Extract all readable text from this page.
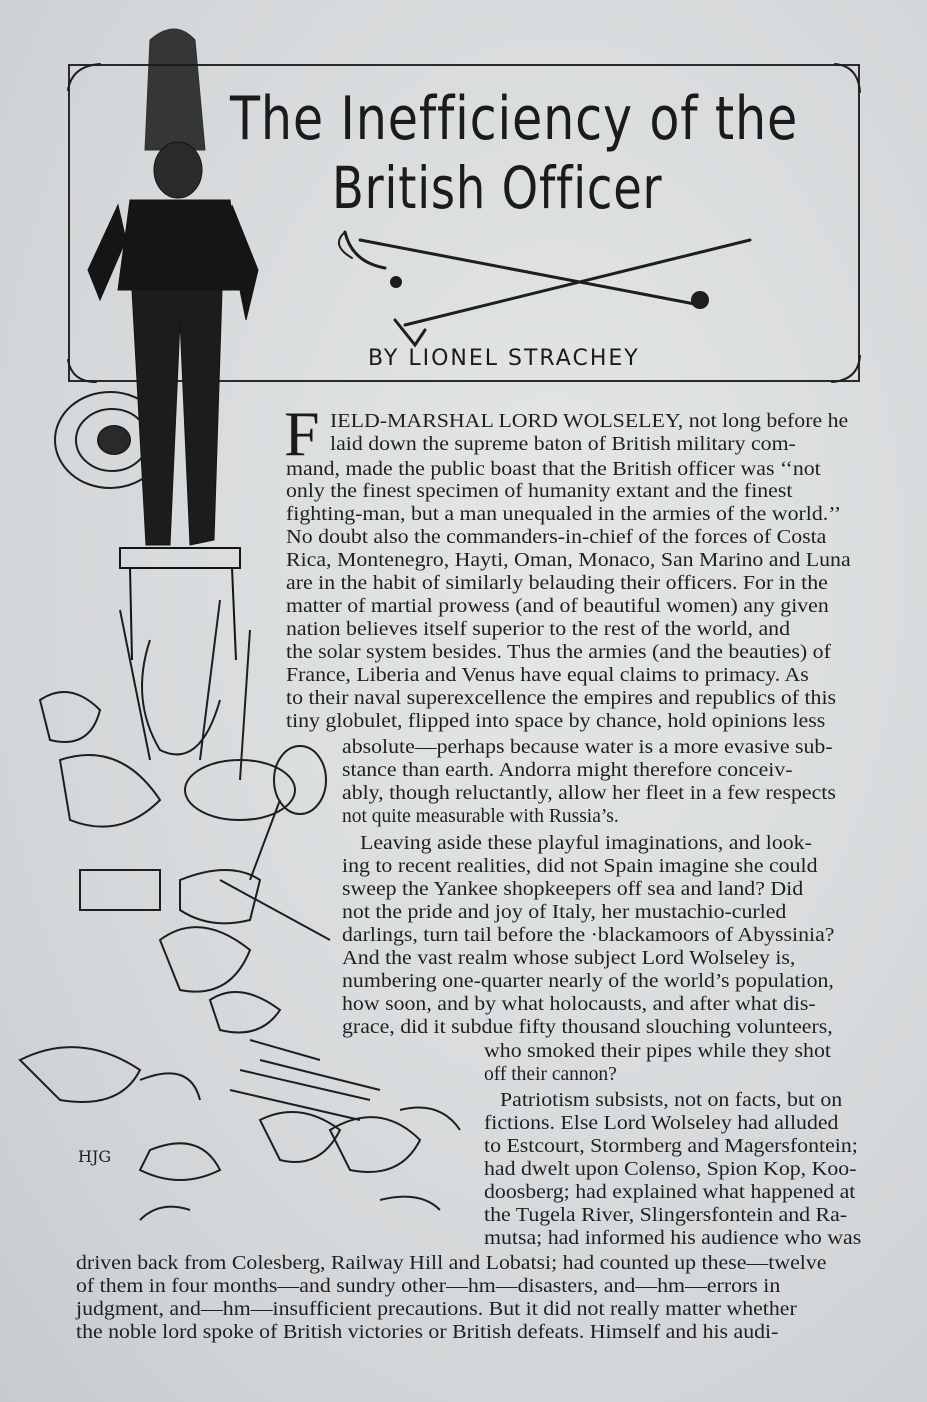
The Inefficiency of the
British Officer
BY LIONEL STRACHEY
HJG
F IELD-MARSHAL LORD WOLSELEY, not long before he
laid down the supreme baton of British military com-
mand, made the public boast that the British officer was ‘‘not
only the finest specimen of humanity extant and the finest
fighting-man, but a man unequaled in the armies of the world.’’
No doubt also the commanders-in-chief of the forces of Costa
Rica, Montenegro, Hayti, Oman, Monaco, San Marino and Luna
are in the habit of similarly belauding their officers. For in the
matter of martial prowess (and of beautiful women) any given
nation believes itself superior to the rest of the world, and
the solar system besides. Thus the armies (and the beauties) of
France, Liberia and Venus have equal claims to primacy. As
to their naval superexcellence the empires and republics of this
tiny globulet, flipped into space by chance, hold opinions less
absolute—perhaps because water is a more evasive sub-
stance than earth. Andorra might therefore conceiv-
ably, though reluctantly, allow her fleet in a few respects
not quite measurable with Russia’s.
Leaving aside these playful imaginations, and look-
ing to recent realities, did not Spain imagine she could
sweep the Yankee shopkeepers off sea and land? Did
not the pride and joy of Italy, her mustachio-curled
darlings, turn tail before the ·blackamoors of Abyssinia?
And the vast realm whose subject Lord Wolseley is,
numbering one-quarter nearly of the world’s population,
how soon, and by what holocausts, and after what dis-
grace, did it subdue fifty thousand slouching volunteers,
who smoked their pipes while they shot
off their cannon?
Patriotism subsists, not on facts, but on
fictions. Else Lord Wolseley had alluded
to Estcourt, Stormberg and Magersfontein;
had dwelt upon Colenso, Spion Kop, Koo-
doosberg; had explained what happened at
the Tugela River, Slingersfontein and Ra-
mutsa; had informed his audience who was
driven back from Colesberg, Railway Hill and Lobatsi; had counted up these—twelve
of them in four months—and sundry other—hm—disasters, and—hm—errors in
judgment, and—hm—insufficient precautions. But it did not really matter whether
the noble lord spoke of British victories or British defeats. Himself and his audi-
